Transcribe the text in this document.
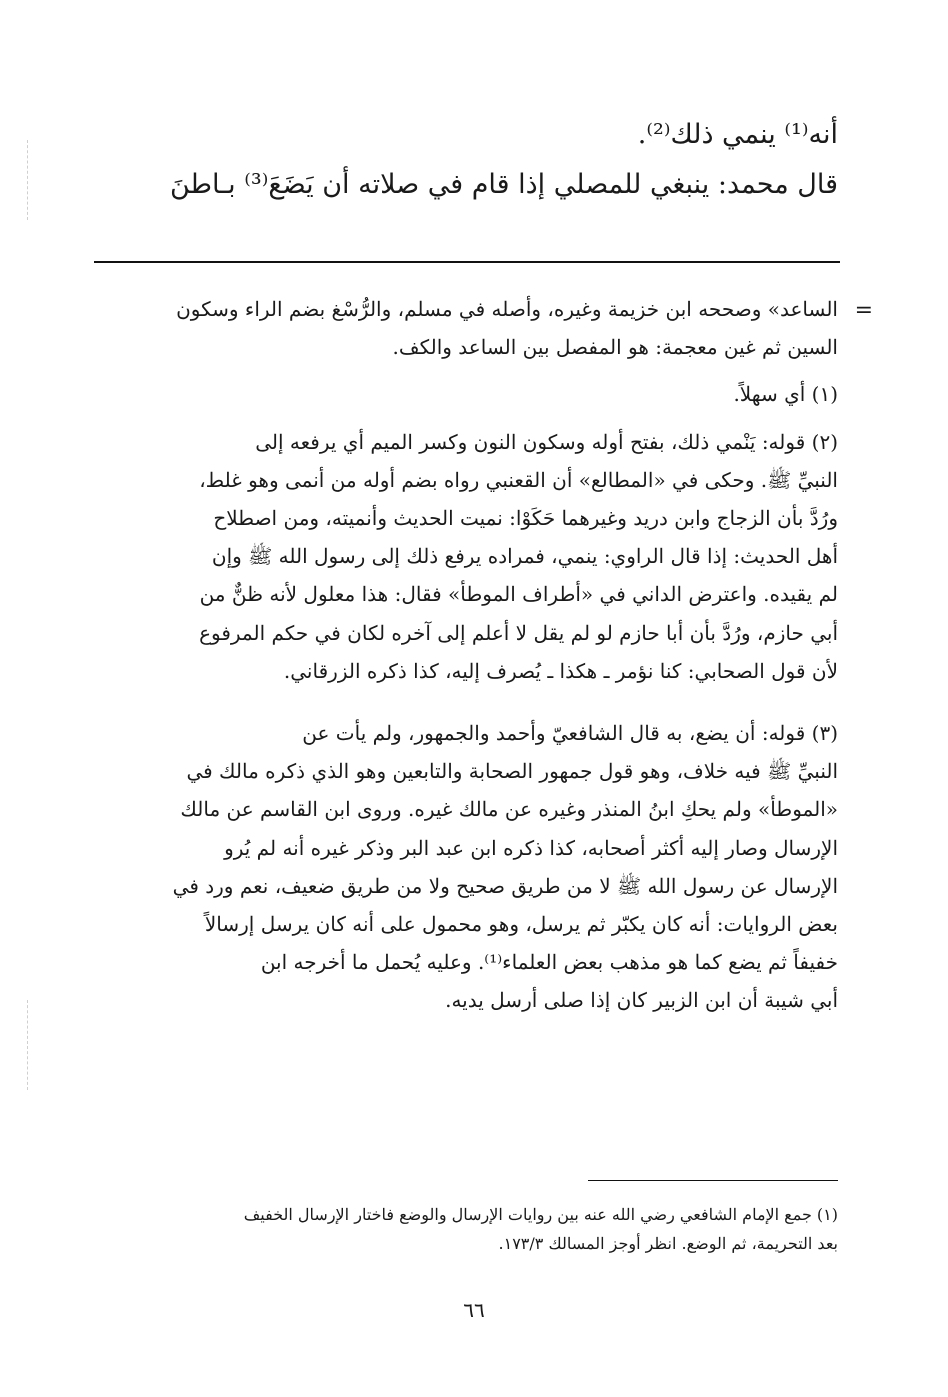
أنه⁽¹⁾ ينمي ذلك⁽²⁾.

قال محمد: ينبغي للمصلي إذا قام في صلاته أن يَضَعَ⁽³⁾ بـاطنَ

=

الساعد» وصححه ابن خزيمة وغيره، وأصله في مسلم، والرُّسْغ بضم الراء وسكون
السين ثم غين معجمة: هو المفصل بين الساعد والكف.

(١) أي سهلاً.

(٢) قوله: يَنْمي ذلك، بفتح أوله وسكون النون وكسر الميم أي يرفعه إلى
النبيِّ ﷺ. وحكى في «المطالع» أن القعنبي رواه بضم أوله من أنمى وهو غلط،
ورُدَّ بأن الزجاج وابن دريد وغيرهما حَكَوْا: نميت الحديث وأنميته، ومن اصطلاح
أهل الحديث: إذا قال الراوي: ينمي، فمراده يرفع ذلك إلى رسول الله ﷺ وإن
لم يقيده. واعترض الداني في «أطراف الموطأ» فقال: هذا معلول لأنه ظنٌّ من
أبي حازم، ورُدَّ بأن أبا حازم لو لم يقل لا أعلم إلى آخره لكان في حكم المرفوع
لأن قول الصحابي: كنا نؤمر ـ هكذا ـ يُصرف إليه، كذا ذكره الزرقاني.

(٣) قوله: أن يضع، به قال الشافعيّ وأحمد والجمهور، ولم يأت عن
النبيِّ ﷺ فيه خلاف، وهو قول جمهور الصحابة والتابعين وهو الذي ذكره مالك في
«الموطأ» ولم يحكِ ابنُ المنذر وغيره عن مالك غيره. وروى ابن القاسم عن مالك
الإرسال وصار إليه أكثر أصحابه، كذا ذكره ابن عبد البر وذكر غيره أنه لم يُرو
الإرسال عن رسول الله ﷺ لا من طريق صحيح ولا من طريق ضعيف، نعم ورد في
بعض الروايات: أنه كان يكبّر ثم يرسل، وهو محمول على أنه كان يرسل إرسالاً
خفيفاً ثم يضع كما هو مذهب بعض العلماء⁽¹⁾. وعليه يُحمل ما أخرجه ابن
أبي شيبة أن ابن الزبير كان إذا صلى أرسل يديه.

(١) جمع الإمام الشافعي رضي الله عنه بين روايات الإرسال والوضع فاختار الإرسال الخفيف
بعد التحريمة، ثم الوضع. انظر أوجز المسالك ١٧٣/٣.
٦٦
